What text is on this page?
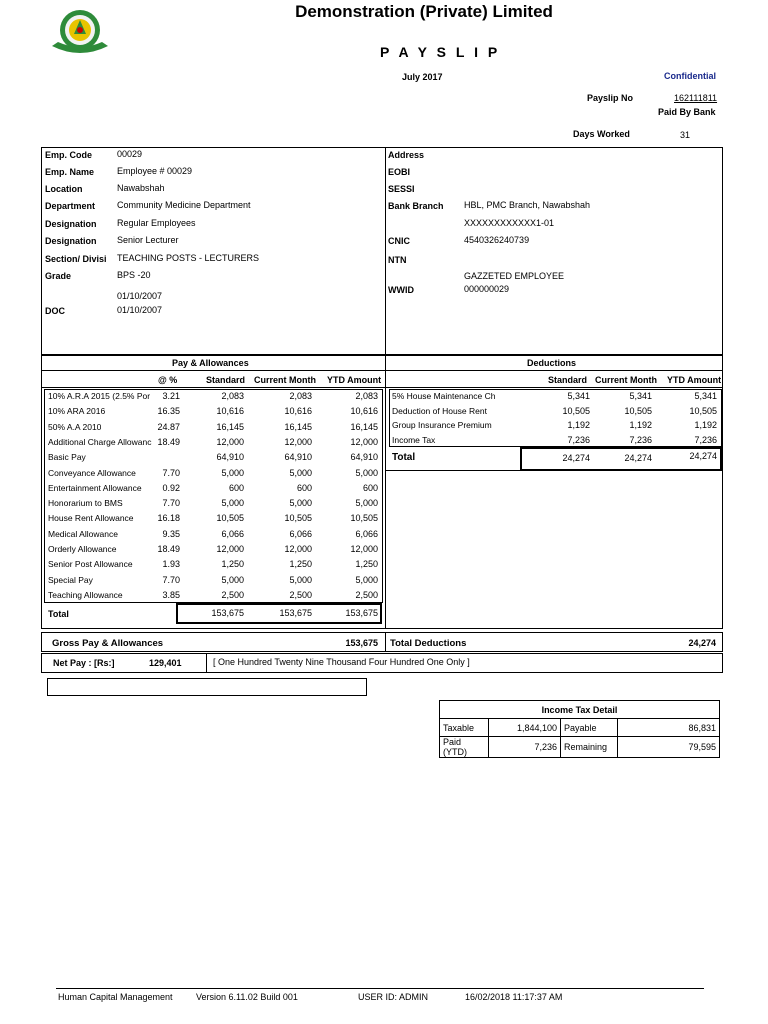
Demonstration (Private) Limited
P A Y S L I P
July 2017	Confidential
Payslip No	162111811
Paid By Bank
Days Worked	31
Emp. Code	00029
Emp. Name	Employee # 00029
Location	Nawabshah
Department Community Medicine Department
Designation Regular Employees
Designation Senior Lecturer
Section/ Divisi TEACHING POSTS - LECTURERS
Grade	BPS -20
01/10/2007
DOC	01/10/2007
Address
EOBI
SESSI
Bank Branch HBL, PMC Branch, Nawabshah
XXXXXXXXXXXX1-01
CNIC	4540326240739
NTN
GAZZETED EMPLOYEE
WWID	000000029
Pay & Allowances	Deductions
@ %	Standard Current Month YTD Amount	Standard Current Month YTD Amount
10% A.R.A 2015 (2.5% Por	3.21	2,083	2,083	2,083
10% ARA 2016	16.35	10,616	10,616	10,616
50% A.A 2010	24.87	16,145	16,145	16,145
Additional Charge Allowanc 18.49	12,000	12,000	12,000
Basic Pay	64,910	64,910	64,910
Conveyance Allowance	7.70	5,000	5,000	5,000
Entertainment Allowance	0.92	600	600	600
Honorarium to BMS	7.70	5,000	5,000	5,000
House Rent Allowance	16.18	10,505	10,505	10,505
Medical Allowance	9.35	6,066	6,066	6,066
Orderly Allowance	18.49	12,000	12,000	12,000
Senior Post Allowance	1.93	1,250	1,250	1,250
Special Pay	7.70	5,000	5,000	5,000
Teaching Allowance	3.85	2,500	2,500	2,500
5% House Maintenance Ch	5,341	5,341	5,341
Deduction of House Rent	10,505	10,505	10,505
Group Insurance Premium	1,192	1,192	1,192
Income Tax	7,236	7,236	7,236
Total	153,675	153,675	153,675
Total	24,274	24,274	24,274
Gross Pay & Allowances	153,675 Total Deductions	24,274
Net Pay : [Rs:]	129,401	[ One Hundred Twenty Nine Thousand Four Hundred One Only ]
Income Tax Detail			
Taxable	1,844,100	Payable	86,831
Paid (YTD)	7,236	Remaining	79,595
Human Capital Management	Version 6.11.02 Build 001	USER ID: ADMIN	16/02/2018 11:17:37 AM
